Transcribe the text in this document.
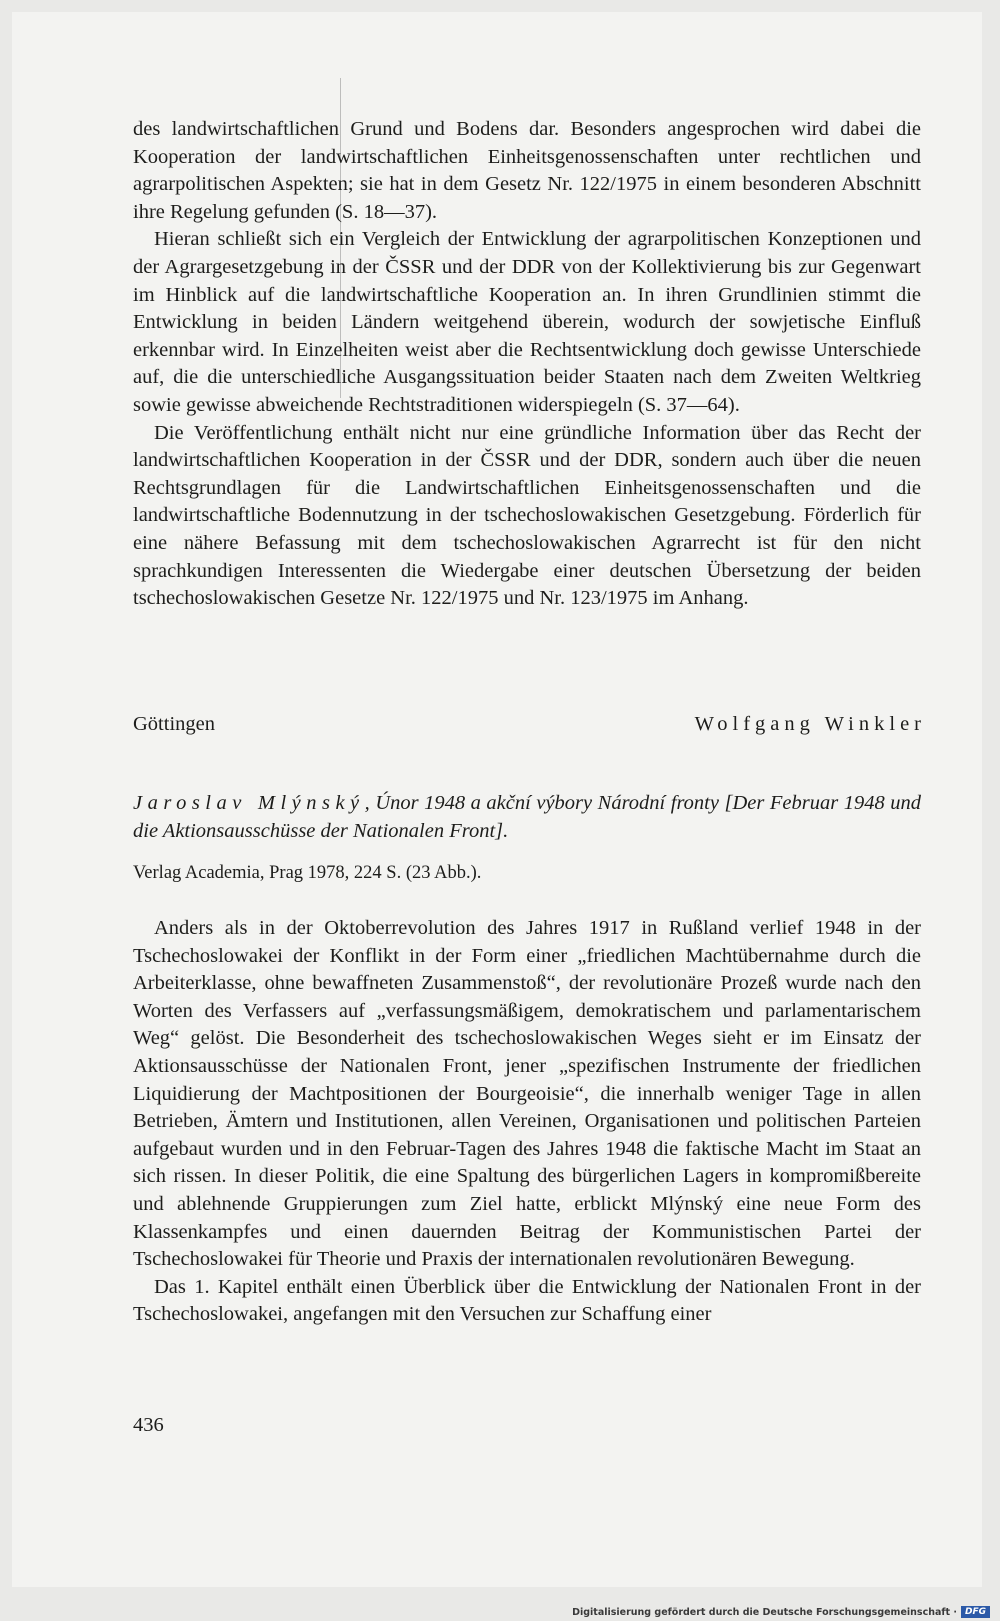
des landwirtschaftlichen Grund und Bodens dar. Besonders angesprochen wird dabei die Kooperation der landwirtschaftlichen Einheitsgenossenschaften unter rechtlichen und agrarpolitischen Aspekten; sie hat in dem Gesetz Nr. 122/1975 in einem besonderen Abschnitt ihre Regelung gefunden (S. 18—37).

Hieran schließt sich ein Vergleich der Entwicklung der agrarpolitischen Konzeptionen und der Agrargesetzgebung in der ČSSR und der DDR von der Kollektivierung bis zur Gegenwart im Hinblick auf die landwirtschaftliche Kooperation an. In ihren Grundlinien stimmt die Entwicklung in beiden Ländern weitgehend überein, wodurch der sowjetische Einfluß erkennbar wird. In Einzelheiten weist aber die Rechtsentwicklung doch gewisse Unterschiede auf, die die unterschiedliche Ausgangssituation beider Staaten nach dem Zweiten Weltkrieg sowie gewisse abweichende Rechtstraditionen widerspiegeln (S. 37—64).

Die Veröffentlichung enthält nicht nur eine gründliche Information über das Recht der landwirtschaftlichen Kooperation in der ČSSR und der DDR, sondern auch über die neuen Rechtsgrundlagen für die Landwirtschaftlichen Einheitsgenossenschaften und die landwirtschaftliche Bodennutzung in der tschechoslowakischen Gesetzgebung. Förderlich für eine nähere Befassung mit dem tschechoslowakischen Agrarrecht ist für den nicht sprachkundigen Interessenten die Wiedergabe einer deutschen Übersetzung der beiden tschechoslowakischen Gesetze Nr. 122/1975 und Nr. 123/1975 im Anhang.

Göttingen	Wolfgang Winkler
Jaroslav Mlýnský, Únor 1948 a akční výbory Národní fronty [Der Februar 1948 und die Aktionsausschüsse der Nationalen Front].
Verlag Academia, Prag 1978, 224 S. (23 Abb.).

Anders als in der Oktoberrevolution des Jahres 1917 in Rußland verlief 1948 in der Tschechoslowakei der Konflikt in der Form einer „friedlichen Machtübernahme durch die Arbeiterklasse, ohne bewaffneten Zusammenstoß“, der revolutionäre Prozeß wurde nach den Worten des Verfassers auf „verfassungsmäßigem, demokratischem und parlamentarischem Weg“ gelöst. Die Besonderheit des tschechoslowakischen Weges sieht er im Einsatz der Aktionsausschüsse der Nationalen Front, jener „spezifischen Instrumente der friedlichen Liquidierung der Machtpositionen der Bourgeoisie“, die innerhalb weniger Tage in allen Betrieben, Ämtern und Institutionen, allen Vereinen, Organisationen und politischen Parteien aufgebaut wurden und in den Februar-Tagen des Jahres 1948 die faktische Macht im Staat an sich rissen. In dieser Politik, die eine Spaltung des bürgerlichen Lagers in kompromißbereite und ablehnende Gruppierungen zum Ziel hatte, erblickt Mlýnský eine neue Form des Klassenkampfes und einen dauernden Beitrag der Kommunistischen Partei der Tschechoslowakei für Theorie und Praxis der internationalen revolutionären Bewegung.

Das 1. Kapitel enthält einen Überblick über die Entwicklung der Nationalen Front in der Tschechoslowakei, angefangen mit den Versuchen zur Schaffung einer

436
Digitalisierung gefördert durch die Deutsche Forschungsgemeinschaft · DFG
